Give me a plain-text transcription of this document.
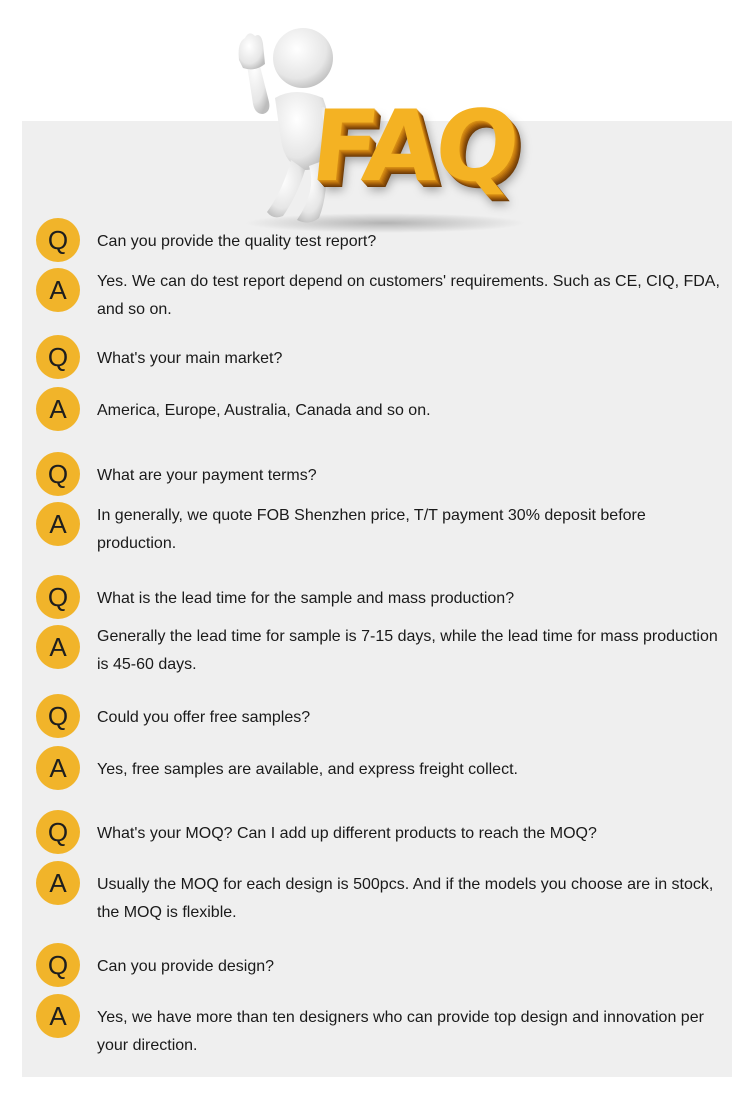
FAQ
Q	Can you provide the quality test report?
A	Yes. We can do test report depend on customers' requirements. Such as CE, CIQ, FDA, and so on.
Q	What's your main market?
A	America, Europe, Australia, Canada and so on.
Q	What are your payment terms?
A	In generally, we quote FOB Shenzhen price, T/T payment 30% deposit before production.
Q	What is the lead time for the sample and mass production?
A	Generally the lead time for sample is 7-15 days, while the lead time for mass production is 45-60 days.
Q	Could you offer free samples?
A	Yes, free samples are available, and express freight collect.
Q	What's your MOQ? Can I add up different products to reach the MOQ?
A	Usually the MOQ for each design is 500pcs. And if the models you choose are in stock, the MOQ is flexible.
Q	Can you provide design?
A	Yes, we have more than ten designers who can provide top design and innovation per your direction.
